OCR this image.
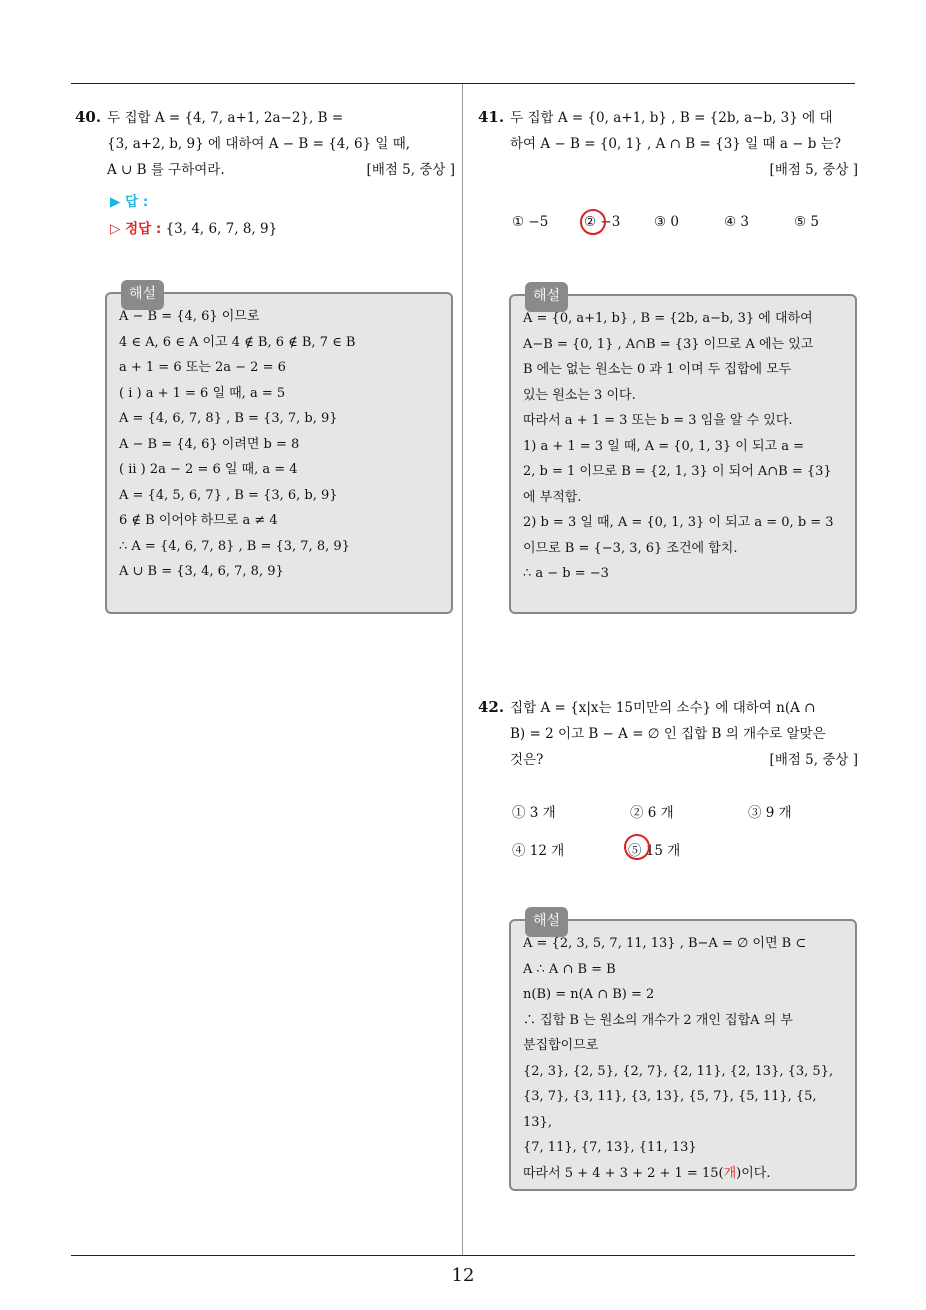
12

40. 두 집합 A = {4, 7, a+1, 2a−2}, B =

{3, a+2, b, 9} 에 대하여 A − B = {4, 6} 일 때,

A ∪ B 를 구하여라.	[배점 5, 중상 ]

▶ 답 :
▷ 정답 : {3, 4, 6, 7, 8, 9}
해설

A − B = {4, 6} 이므로

4 ∈ A, 6 ∈ A 이고 4 ∉ B, 6 ∉ B, 7 ∈ B

a + 1 = 6 또는 2a − 2 = 6

( i ) a + 1 = 6 일 때, a = 5

A = {4, 6, 7, 8} , B = {3, 7, b, 9}

A − B = {4, 6} 이려면 b = 8

( ii ) 2a − 2 = 6 일 때, a = 4

A = {4, 5, 6, 7} , B = {3, 6, b, 9}

6 ∉ B 이어야 하므로 a ≠ 4

∴ A = {4, 6, 7, 8} , B = {3, 7, 8, 9}

A ∪ B = {3, 4, 6, 7, 8, 9}

41. 두 집합 A = {0, a+1, b} , B = {2b, a−b, 3} 에 대

하여 A − B = {0, 1} , A ∩ B = {3} 일 때 a − b 는?

[배점 5, 중상 ]

① −5	② −3 ③ 0	④ 3	⑤ 5
해설

A = {0, a+1, b} , B = {2b, a−b, 3} 에 대하여

A−B = {0, 1} , A∩B = {3} 이므로 A 에는 있고

B 에는 없는 원소는 0 과 1 이며 두 집합에 모두

있는 원소는 3 이다.

따라서 a + 1 = 3 또는 b = 3 임을 알 수 있다.

1) a + 1 = 3 일 때, A = {0, 1, 3} 이 되고 a =

2, b = 1 이므로 B = {2, 1, 3} 이 되어 A∩B = {3}

에 부적합.

2) b = 3 일 때, A = {0, 1, 3} 이 되고 a = 0, b = 3

이므로 B = {−3, 3, 6} 조건에 합치.

∴ a − b = −3

42. 집합 A = {x|x는 15미만의 소수} 에 대하여 n(A ∩

B) = 2 이고 B − A = ∅ 인 집합 B 의 개수로 알맞은

것은?	[배점 5, 중상 ]

① 3 개	② 6 개	③ 9 개
④ 12 개	⑤ 15 개
해설

A = {2, 3, 5, 7, 11, 13} , B−A = ∅ 이면 B ⊂

A ∴ A ∩ B = B

n(B) = n(A ∩ B) = 2

∴ 집합 B 는 원소의 개수가 2 개인 집합A 의 부

분집합이므로

{2, 3}, {2, 5}, {2, 7}, {2, 11}, {2, 13}, {3, 5},

{3, 7}, {3, 11}, {3, 13}, {5, 7}, {5, 11}, {5, 13},

{7, 11}, {7, 13}, {11, 13}

따라서 5 + 4 + 3 + 2 + 1 = 15(개)이다.
